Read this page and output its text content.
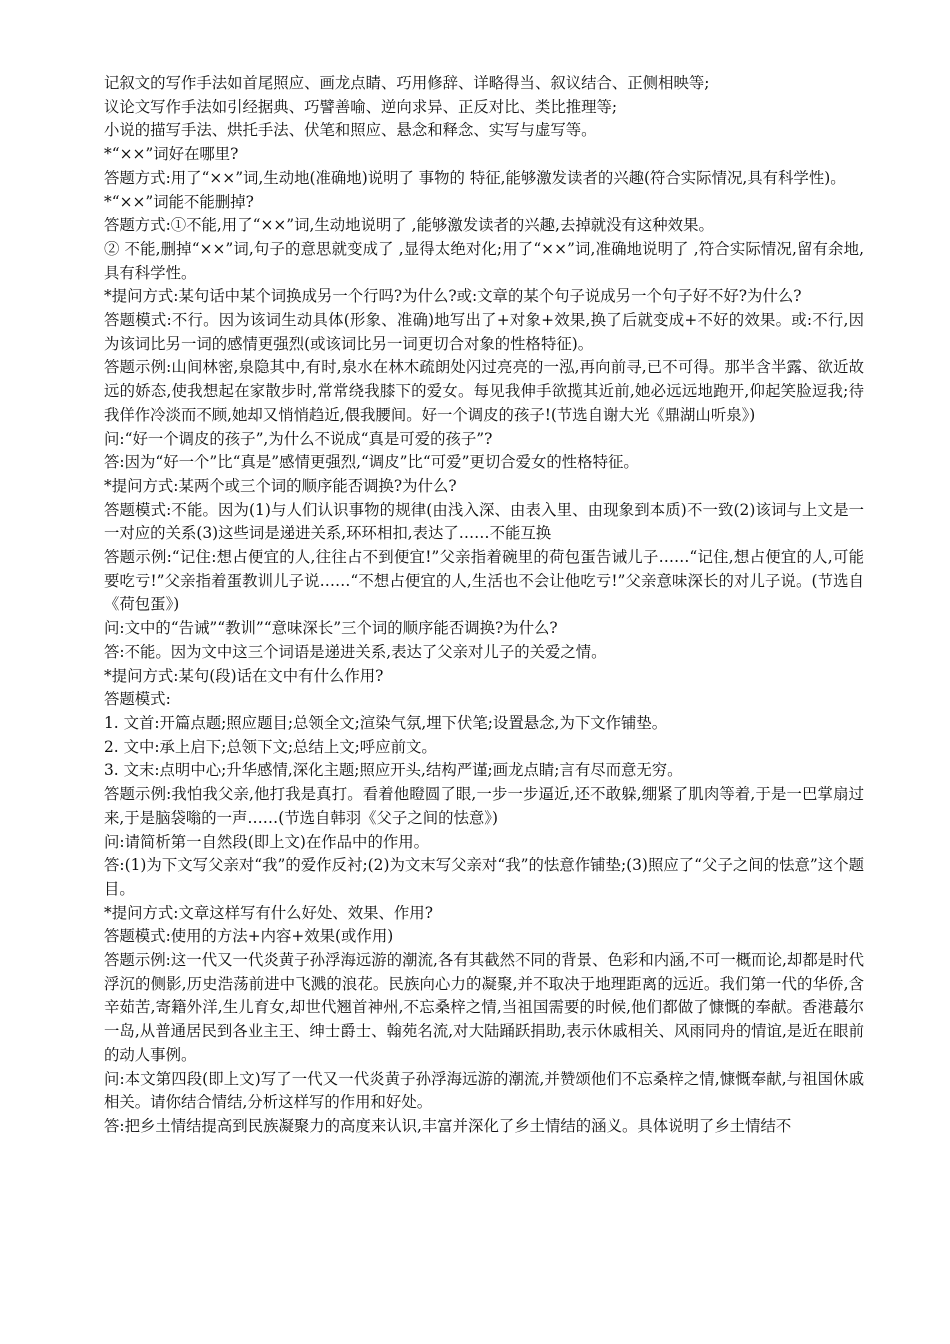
记叙文的写作手法如首尾照应、画龙点睛、巧用修辞、详略得当、叙议结合、正侧相映等;

议论文写作手法如引经据典、巧譬善喻、逆向求异、正反对比、类比推理等;

小说的描写手法、烘托手法、伏笔和照应、悬念和释念、实写与虚写等。

*“××”词好在哪里?

答题方式:用了“××”词,生动地(准确地)说明了 事物的 特征,能够激发读者的兴趣(符合实际情况,具有科学性)。

*“××”词能不能删掉?

答题方式:①不能,用了“××”词,生动地说明了 ,能够激发读者的兴趣,去掉就没有这种效果。

② 不能,删掉“××”词,句子的意思就变成了 ,显得太绝对化;用了“××”词,准确地说明了 ,符合实际情况,留有余地,具有科学性。

*提问方式:某句话中某个词换成另一个行吗?为什么?或:文章的某个句子说成另一个句子好不好?为什么?

答题模式:不行。因为该词生动具体(形象、准确)地写出了+对象+效果,换了后就变成+不好的效果。或:不行,因为该词比另一词的感情更强烈(或该词比另一词更切合对象的性格特征)。

答题示例:山间林密,泉隐其中,有时,泉水在林木疏朗处闪过亮亮的一泓,再向前寻,已不可得。那半含半露、欲近故远的娇态,使我想起在家散步时,常常绕我膝下的爱女。每见我伸手欲揽其近前,她必远远地跑开,仰起笑脸逗我;待我佯作冷淡而不顾,她却又悄悄趋近,偎我腰间。好一个调皮的孩子!(节选自谢大光《鼎湖山听泉》)

问:“好一个调皮的孩子”,为什么不说成“真是可爱的孩子”?

答:因为“好一个”比“真是”感情更强烈,“调皮”比“可爱”更切合爱女的性格特征。

*提问方式:某两个或三个词的顺序能否调换?为什么?

答题模式:不能。因为(1)与人们认识事物的规律(由浅入深、由表入里、由现象到本质)不一致(2)该词与上文是一一对应的关系(3)这些词是递进关系,环环相扣,表达了……不能互换

答题示例:“记住:想占便宜的人,往往占不到便宜!”父亲指着碗里的荷包蛋告诫儿子……“记住,想占便宜的人,可能要吃亏!”父亲指着蛋教训儿子说……“不想占便宜的人,生活也不会让他吃亏!”父亲意味深长的对儿子说。(节选自《荷包蛋》)

问:文中的“告诫”“教训”“意味深长”三个词的顺序能否调换?为什么?

答:不能。因为文中这三个词语是递进关系,表达了父亲对儿子的关爱之情。

*提问方式:某句(段)话在文中有什么作用?

答题模式:

1. 文首:开篇点题;照应题目;总领全文;渲染气氛,埋下伏笔;设置悬念,为下文作铺垫。

2. 文中:承上启下;总领下文;总结上文;呼应前文。

3. 文末:点明中心;升华感情,深化主题;照应开头,结构严谨;画龙点睛;言有尽而意无穷。

答题示例:我怕我父亲,他打我是真打。看着他瞪圆了眼,一步一步逼近,还不敢躲,绷紧了肌肉等着,于是一巴掌扇过来,于是脑袋嗡的一声……(节选自韩羽《父子之间的怯意》)

问:请简析第一自然段(即上文)在作品中的作用。

答:(1)为下文写父亲对“我”的爱作反衬;(2)为文末写父亲对“我”的怯意作铺垫;(3)照应了“父子之间的怯意”这个题目。

*提问方式:文章这样写有什么好处、效果、作用?

答题模式:使用的方法+内容+效果(或作用)

答题示例:这一代又一代炎黄子孙浮海远游的潮流,各有其截然不同的背景、色彩和内涵,不可一概而论,却都是时代浮沉的侧影,历史浩荡前进中飞溅的浪花。民族向心力的凝聚,并不取决于地理距离的远近。我们第一代的华侨,含辛茹苦,寄籍外洋,生儿育女,却世代翘首神州,不忘桑梓之情,当祖国需要的时候,他们都做了慷慨的奉献。香港蕞尔一岛,从普通居民到各业主王、绅士爵士、翰苑名流,对大陆踊跃捐助,表示休戚相关、风雨同舟的情谊,是近在眼前的动人事例。

问:本文第四段(即上文)写了一代又一代炎黄子孙浮海远游的潮流,并赞颂他们不忘桑梓之情,慷慨奉献,与祖国休戚相关。请你结合情结,分析这样写的作用和好处。

答:把乡土情结提高到民族凝聚力的高度来认识,丰富并深化了乡土情结的涵义。具体说明了乡土情结不
